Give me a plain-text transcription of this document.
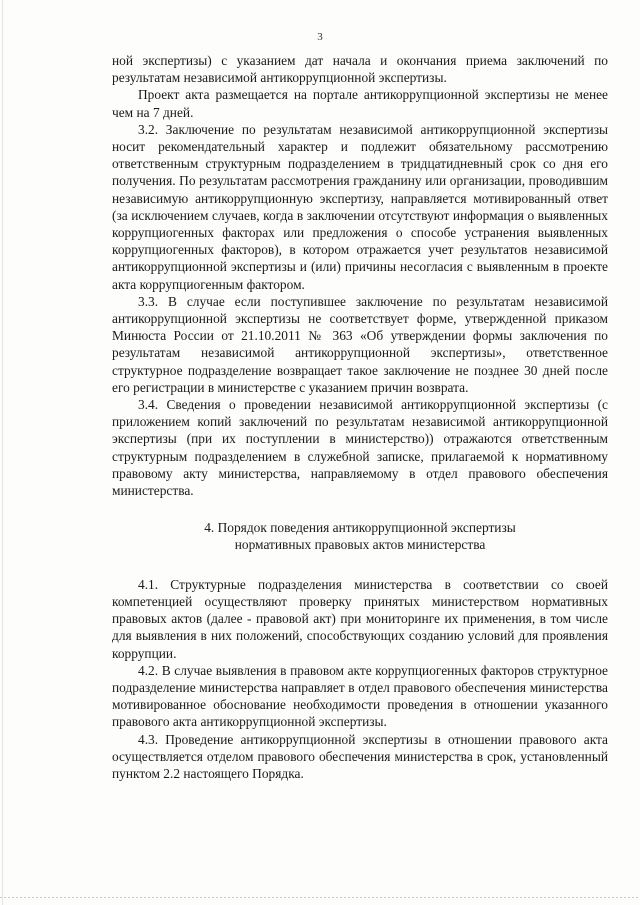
3

ной экспертизы) с указанием дат начала и окончания приема заключений по результатам независимой антикоррупционной экспертизы.

Проект акта размещается на портале антикоррупционной экспертизы не менее чем на 7 дней.

3.2. Заключение по результатам независимой антикоррупционной экспертизы носит рекомендательный характер и подлежит обязательному рассмотрению ответственным структурным подразделением в тридцатидневный срок со дня его получения. По результатам рассмотрения гражданину или организации, проводившим независимую антикоррупционную экспертизу, направляется мотивированный ответ (за исключением случаев, когда в заключении отсутствуют информация о выявленных коррупциогенных факторах или предложения о способе устранения выявленных коррупциогенных факторов), в котором отражается учет результатов независимой антикоррупционной экспертизы и (или) причины несогласия с выявленным в проекте акта коррупциогенным фактором.

3.3. В случае если поступившее заключение по результатам независимой антикоррупционной экспертизы не соответствует форме, утвержденной приказом Минюста России от 21.10.2011 № 363 «Об утверждении формы заключения по результатам независимой антикоррупционной экспертизы», ответственное структурное подразделение возвращает такое заключение не позднее 30 дней после его регистрации в министерстве с указанием причин возврата.

3.4. Сведения о проведении независимой антикоррупционной экспертизы (с приложением копий заключений по результатам независимой антикоррупционной экспертизы (при их поступлении в министерство)) отражаются ответственным структурным подразделением в служебной записке, прилагаемой к нормативному правовому акту министерства, направляемому в отдел правового обеспечения министерства.

4. Порядок поведения антикоррупционной экспертизы
нормативных правовых актов министерства

4.1. Структурные подразделения министерства в соответствии со своей компетенцией осуществляют проверку принятых министерством нормативных правовых актов (далее - правовой акт) при мониторинге их применения, в том числе для выявления в них положений, способствующих созданию условий для проявления коррупции.

4.2. В случае выявления в правовом акте коррупциогенных факторов структурное подразделение министерства направляет в отдел правового обеспечения министерства мотивированное обоснование необходимости проведения в отношении указанного правового акта антикоррупционной экспертизы.

4.3. Проведение антикоррупционной экспертизы в отношении правового акта осуществляется отделом правового обеспечения министерства в срок, установленный пунктом 2.2 настоящего Порядка.
